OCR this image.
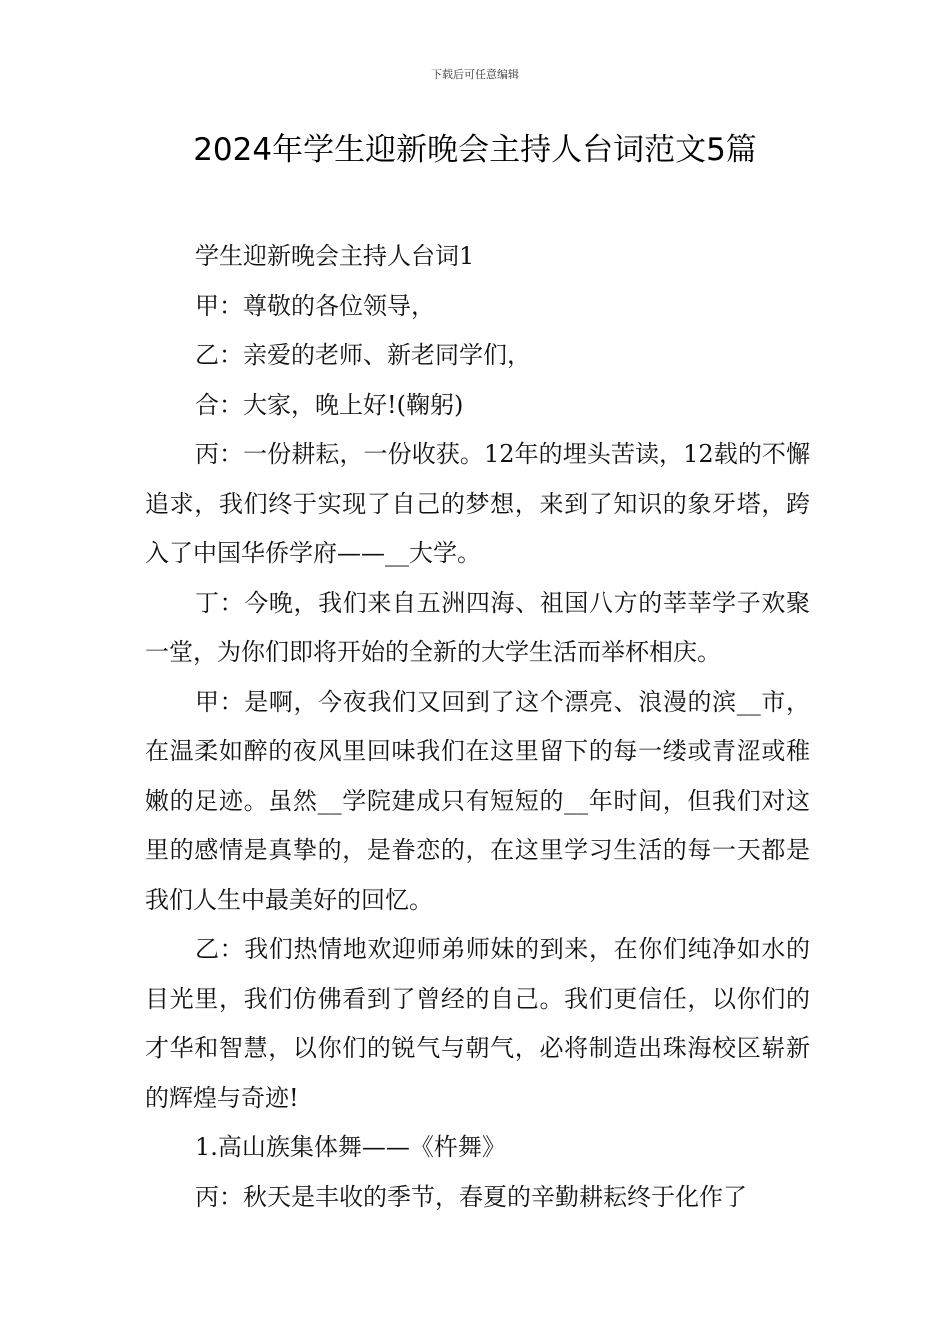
下载后可任意编辑
2024年学生迎新晚会主持人台词范文5篇

学生迎新晚会主持人台词1

甲：尊敬的各位领导，

乙：亲爱的老师、新老同学们，

合：大家，晚上好!(鞠躬)

丙：一份耕耘，一份收获。12年的埋头苦读，12载的不懈追求，我们终于实现了自己的梦想，来到了知识的象牙塔，跨入了中国华侨学府——__大学。

丁：今晚，我们来自五洲四海、祖国八方的莘莘学子欢聚一堂，为你们即将开始的全新的大学生活而举杯相庆。

甲：是啊，今夜我们又回到了这个漂亮、浪漫的滨__市，在温柔如醉的夜风里回味我们在这里留下的每一缕或青涩或稚嫩的足迹。虽然__学院建成只有短短的__年时间，但我们对这里的感情是真挚的，是眷恋的，在这里学习生活的每一天都是我们人生中最美好的回忆。

乙：我们热情地欢迎师弟师妹的到来，在你们纯净如水的目光里，我们仿佛看到了曾经的自己。我们更信任，以你们的才华和智慧，以你们的锐气与朝气，必将制造出珠海校区崭新的辉煌与奇迹!

1.高山族集体舞——《杵舞》

丙：秋天是丰收的季节，春夏的辛勤耕耘终于化作了
